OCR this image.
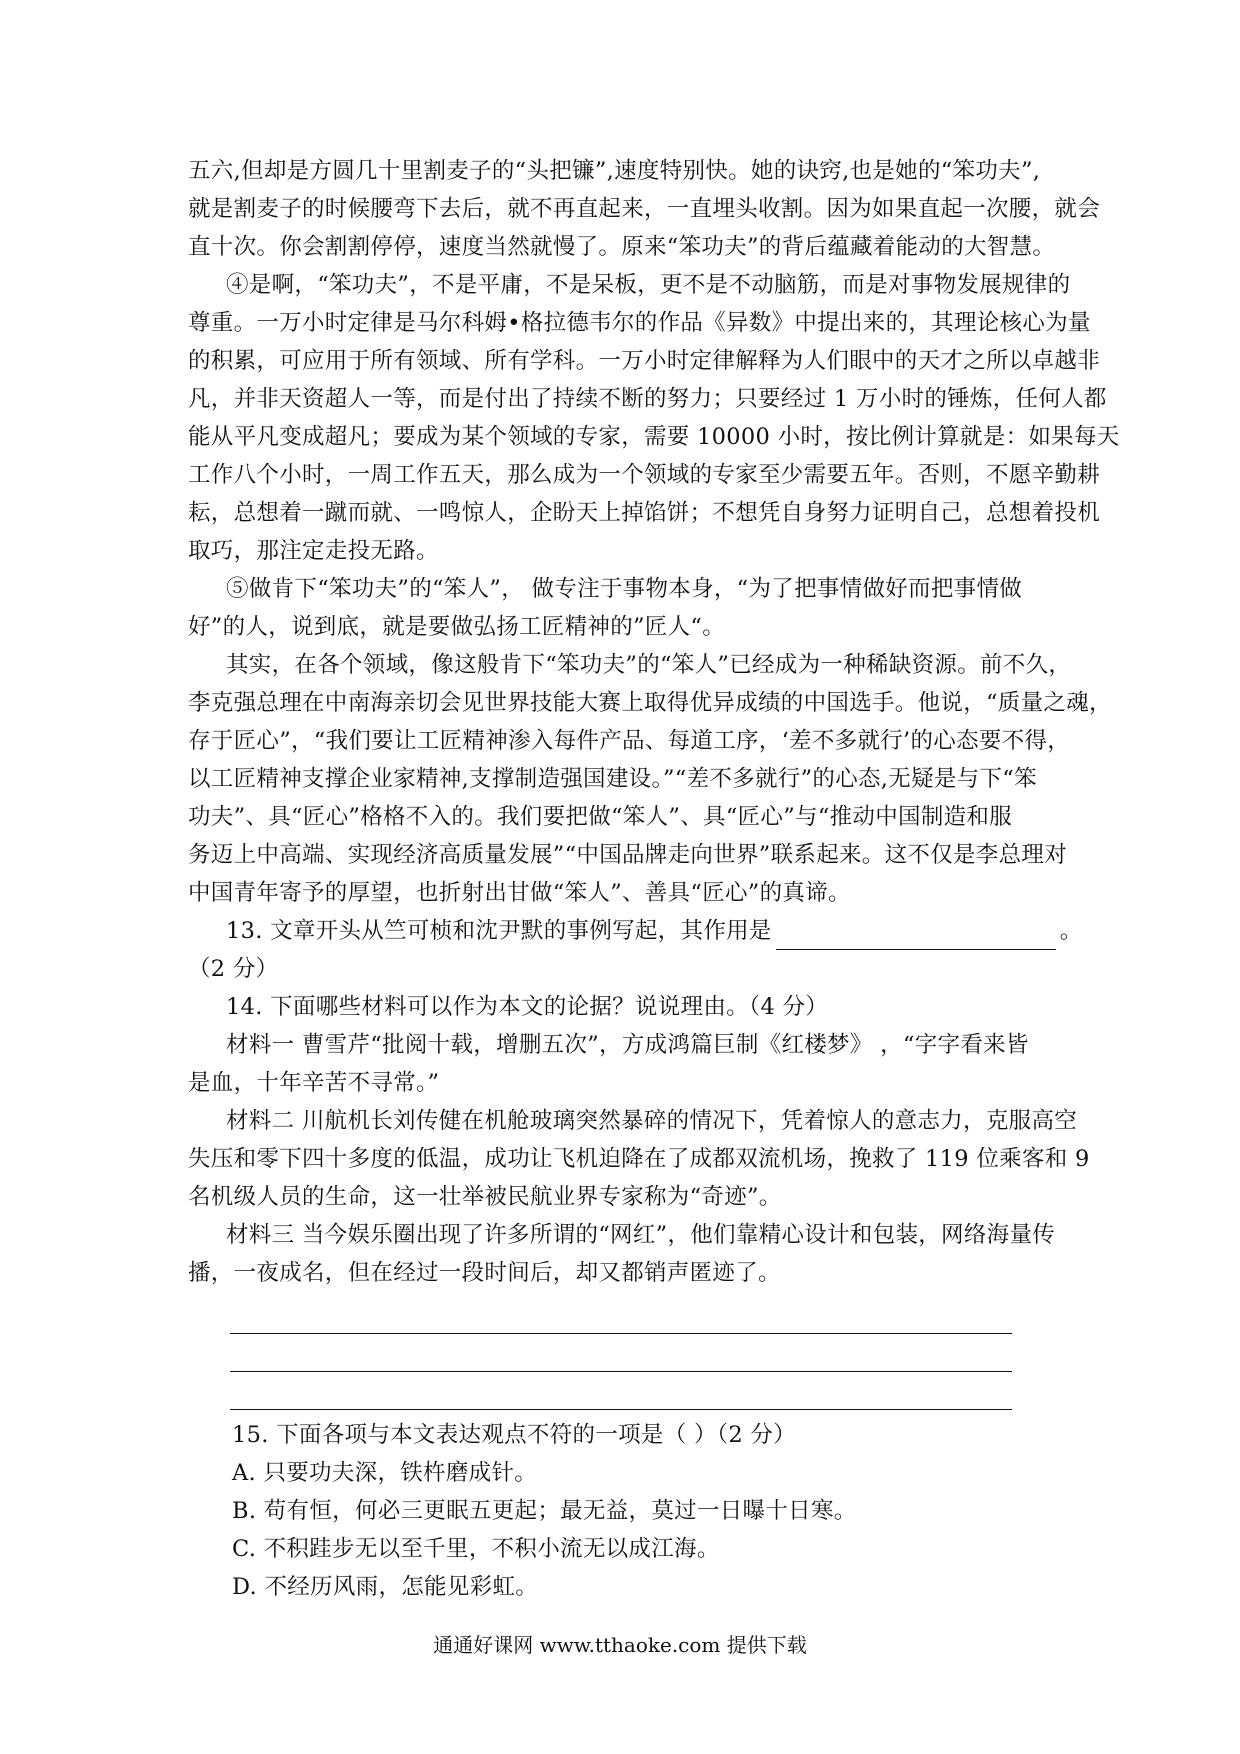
五六,但却是方圆几十里割麦子的“头把镰”,速度特别快。她的诀窍,也是她的“笨功夫”,
就是割麦子的时候腰弯下去后，就不再直起来，一直埋头收割。因为如果直起一次腰，就会
直十次。你会割割停停，速度当然就慢了。原来“笨功夫”的背后蕴藏着能动的大智慧。
④是啊，“笨功夫”，不是平庸，不是呆板，更不是不动脑筋，而是对事物发展规律的
尊重。一万小时定律是马尔科姆•格拉德韦尔的作品《异数》中提出来的，其理论核心为量
的积累，可应用于所有领域、所有学科。一万小时定律解释为人们眼中的天才之所以卓越非
凡，并非天资超人一等，而是付出了持续不断的努力；只要经过 1 万小时的锤炼，任何人都
能从平凡变成超凡；要成为某个领域的专家，需要 10000 小时，按比例计算就是：如果每天
工作八个小时，一周工作五天，那么成为一个领域的专家至少需要五年。否则，不愿辛勤耕
耘，总想着一蹴而就、一鸣惊人，企盼天上掉馅饼；不想凭自身努力证明自己，总想着投机
取巧，那注定走投无路。
⑤做肯下“笨功夫”的“笨人”， 做专注于事物本身，“为了把事情做好而把事情做
好”的人，说到底，就是要做弘扬工匠精神的”匠人“。
其实，在各个领域，像这般肯下“笨功夫”的“笨人”已经成为一种稀缺资源。前不久，
李克强总理在中南海亲切会见世界技能大赛上取得优异成绩的中国选手。他说，“质量之魂，
存于匠心”，“我们要让工匠精神渗入每件产品、每道工序，‘差不多就行’的心态要不得，
以工匠精神支撑企业家精神,支撑制造强国建设。”“差不多就行”的心态,无疑是与下“笨
功夫”、具“匠心”格格不入的。我们要把做“笨人”、具“匠心”与“推动中国制造和服
务迈上中高端、实现经济高质量发展”“中国品牌走向世界”联系起来。这不仅是李总理对
中国青年寄予的厚望，也折射出甘做“笨人”、善具“匠心”的真谛。
13. 文章开头从竺可桢和沈尹默的事例写起，其作用是	。
（2 分）
14. 下面哪些材料可以作为本文的论据？说说理由。（4 分）
材料一 曹雪芹“批阅十载，增删五次”，方成鸿篇巨制《红楼梦》 ，“字字看来皆
是血，十年辛苦不寻常。”
材料二 川航机长刘传健在机舱玻璃突然暴碎的情况下，凭着惊人的意志力，克服高空
失压和零下四十多度的低温，成功让飞机迫降在了成都双流机场，挽救了 119 位乘客和 9
名机级人员的生命，这一壮举被民航业界专家称为“奇迹”。
材料三 当今娱乐圈出现了许多所谓的“网红”，他们靠精心设计和包装，网络海量传
播，一夜成名，但在经过一段时间后，却又都销声匿迹了。
15. 下面各项与本文表达观点不符的一项是（ ）（2 分）
A. 只要功夫深，铁杵磨成针。
B. 苟有恒，何必三更眠五更起；最无益，莫过一日曝十日寒。
C. 不积跬步无以至千里，不积小流无以成江海。
D. 不经历风雨，怎能见彩虹。
通通好课网 www.tthaoke.com 提供下载
